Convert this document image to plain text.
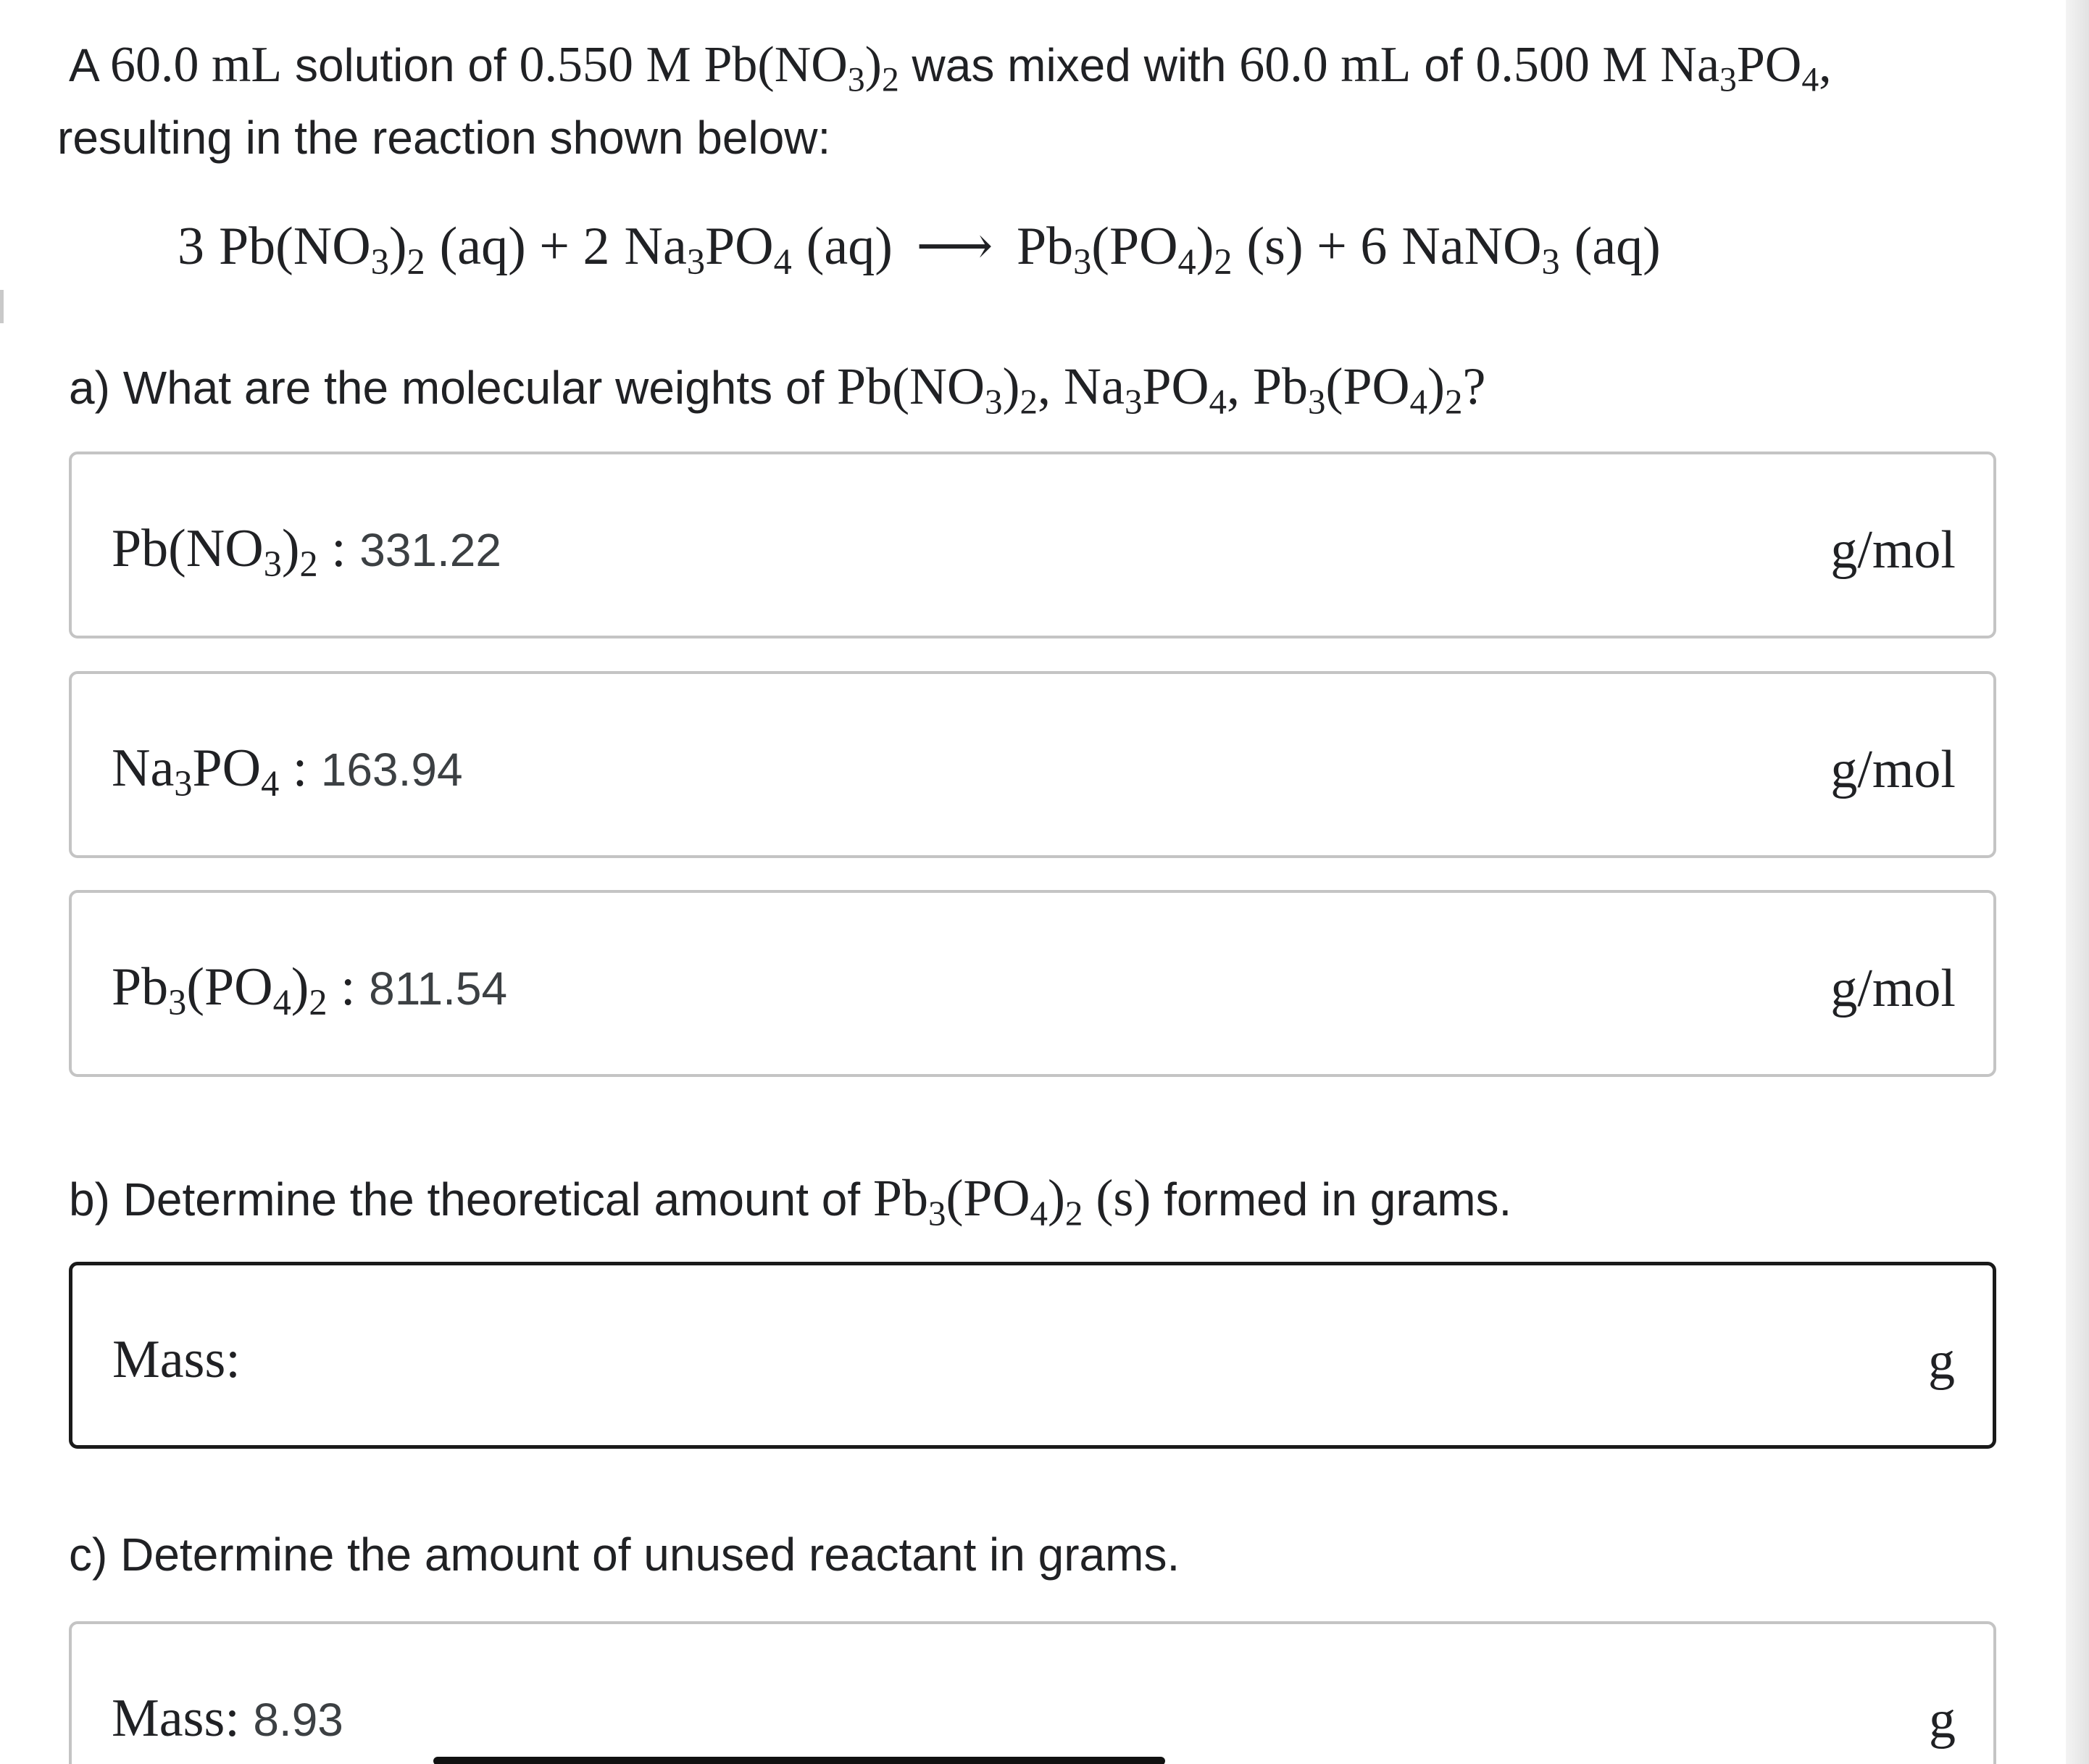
A 60.0 mL solution of 0.550 M $Pb(NO_3)_2$ was mixed with 60.0 mL of 0.500 M $Na_3PO_4$,
resulting in the reaction shown below:

3 $Pb(NO_3)_2$ (aq) + 2 $Na_3PO_4$ (aq) ⟶ $Pb_3(PO_4)_2$ (s) + 6 NaNO$_3$ (aq)

a) What are the molecular weights of $Pb(NO_3)_2$, $Na_3PO_4$, $Pb_3(PO_4)_2$?

$Pb(NO_3)_2$ : 331.22	g/mol
$Na_3PO_4$ : 163.94	g/mol
$Pb_3(PO_4)_2$ : 811.54	g/mol

b) Determine the theoretical amount of $Pb_3(PO_4)_2$ (s) formed in grams.

Mass:	g

c) Determine the amount of unused reactant in grams.

Mass: 8.93	g
